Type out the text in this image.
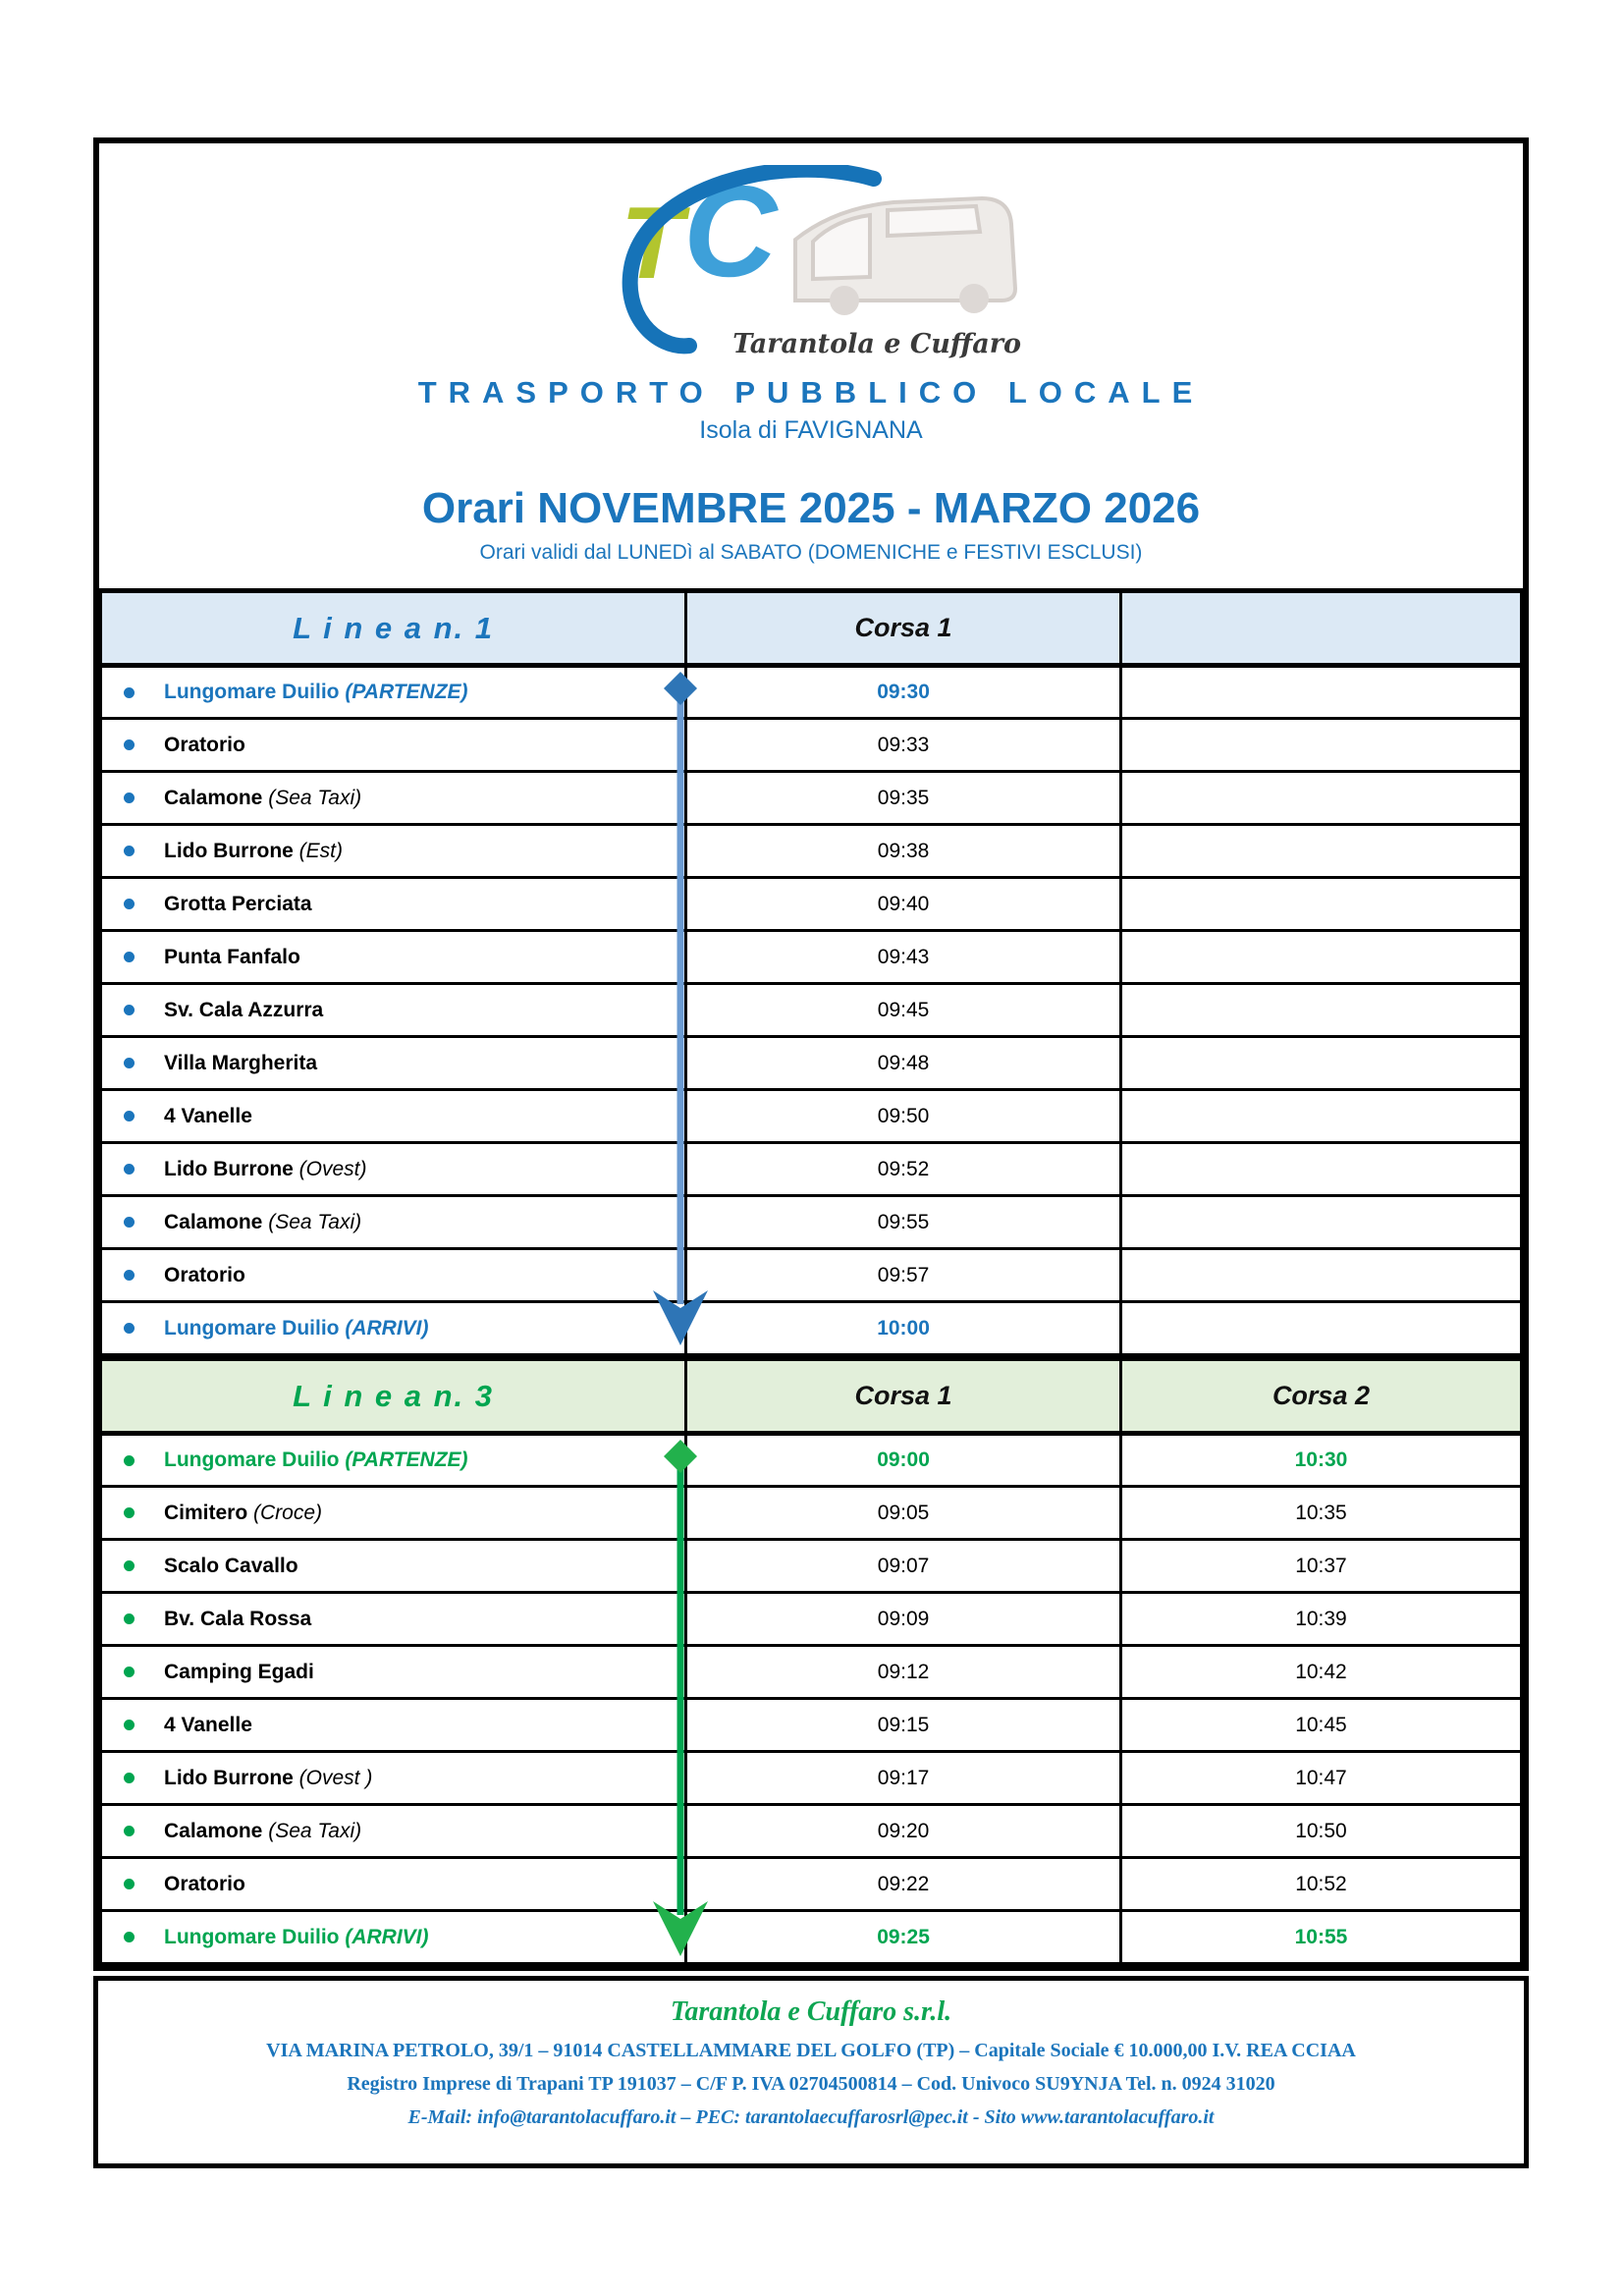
T C
Tarantola e Cuffaro
TRASPORTO PUBBLICO LOCALE
Isola di FAVIGNANA
Orari NOVEMBRE 2025 - MARZO 2026
Orari validi dal LUNEDì al SABATO (DOMENICHE e FESTIVI ESCLUSI)
L i n e a n. 1	Corsa 1	
Lungomare Duilio (PARTENZE)	09:30	
Oratorio	09:33	
Calamone (Sea Taxi)	09:35	
Lido Burrone (Est)	09:38	
Grotta Perciata	09:40	
Punta Fanfalo	09:43	
Sv. Cala Azzurra	09:45	
Villa Margherita	09:48	
4 Vanelle	09:50	
Lido Burrone (Ovest)	09:52	
Calamone (Sea Taxi)	09:55	
Oratorio	09:57	
Lungomare Duilio (ARRIVI)	10:00	
L i n e a n. 3	Corsa 1	Corsa 2
Lungomare Duilio (PARTENZE)	09:00	10:30
Cimitero (Croce)	09:05	10:35
Scalo Cavallo	09:07	10:37
Bv. Cala Rossa	09:09	10:39
Camping Egadi	09:12	10:42
4 Vanelle	09:15	10:45
Lido Burrone (Ovest )	09:17	10:47
Calamone (Sea Taxi)	09:20	10:50
Oratorio	09:22	10:52
Lungomare Duilio (ARRIVI)	09:25	10:55
Tarantola e Cuffaro s.r.l.
VIA MARINA PETROLO, 39/1 – 91014 CASTELLAMMARE DEL GOLFO (TP) – Capitale Sociale € 10.000,00 I.V. REA CCIAA
Registro Imprese di Trapani TP 191037 – C/F P. IVA 02704500814 – Cod. Univoco SU9YNJA Tel. n. 0924 31020
E-Mail: info@tarantolacuffaro.it – PEC: tarantolaecuffarosrl@pec.it - Sito www.tarantolacuffaro.it
